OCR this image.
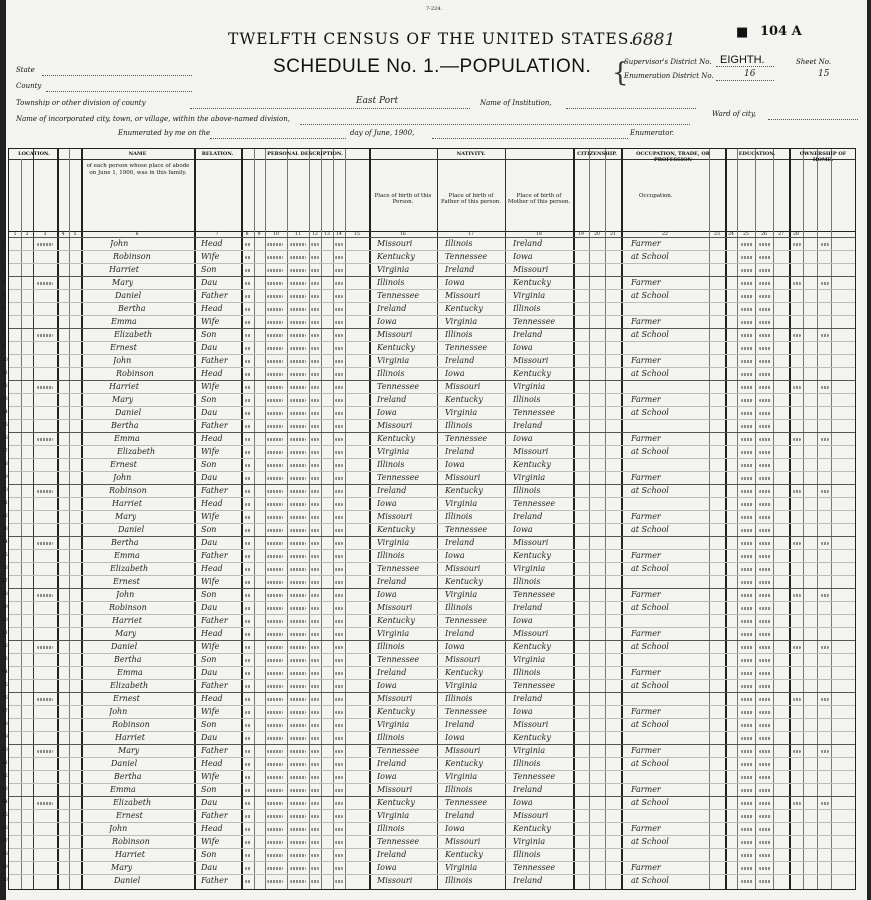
7-224.
TWELFTH CENSUS OF THE UNITED STATES.
6881	104 A
■
SCHEDULE No. 1.—POPULATION.
State
County
Township or other division of county	East Port	Name of Institution,
Name of incorporated city, town, or village, within the above-named division,
Ward of city,
Enumerated by me on the	day of June, 1900,	Enumerator.
{
Supervisor's District No. EIGHTH.
Enumeration District No.	16
Sheet No.
15
LOCATION.	NAME	RELATION.	PERSONAL DESCRIPTION.	NATIVITY.	CITIZENSHIP.	OCCUPATION, TRADE, OR PROFESSION
EDUCATION.	OWNERSHIP OF HOME.
of each person whose place of abode on June 1, 1900, was in this family.
Place of birth of this Person.
Place of birth of Father of this person.
Place of birth of Mother of this person.
Occupation.
1	2	3	4	5	6	7	8	9	10	11	12	13	14	15	16	17	18	19	20	21	22	23	24	25	26	27	28
1	John	Head	Missouri	Illinois	Ireland	Farmer
2	Robinson	Wife	Kentucky	Tennessee	Iowa	at School
3	Harriet	Son	Virginia	Ireland	Missouri
4	Mary	Dau	Illinois	Iowa	Kentucky	Farmer
5	Daniel	Father	Tennessee	Missouri	Virginia	at School
6	Bertha	Head	Ireland	Kentucky	Illinois
7	Emma	Wife	Iowa	Virginia	Tennessee	Farmer
8	Elizabeth	Son	Missouri	Illinois	Ireland	at School
9	Ernest	Dau	Kentucky	Tennessee	Iowa
10	John	Father	Virginia	Ireland	Missouri	Farmer
11	Robinson	Head	Illinois	Iowa	Kentucky	at School
12	Harriet	Wife	Tennessee	Missouri	Virginia
13	Mary	Son	Ireland	Kentucky	Illinois	Farmer
14	Daniel	Dau	Iowa	Virginia	Tennessee	at School
15	Bertha	Father	Missouri	Illinois	Ireland
16	Emma	Head	Kentucky	Tennessee	Iowa	Farmer
17	Elizabeth	Wife	Virginia	Ireland	Missouri	at School
18	Ernest	Son	Illinois	Iowa	Kentucky
19	John	Dau	Tennessee	Missouri	Virginia	Farmer
20	Robinson	Father	Ireland	Kentucky	Illinois	at School
21	Harriet	Head	Iowa	Virginia	Tennessee
22	Mary	Wife	Missouri	Illinois	Ireland	Farmer
23	Daniel	Son	Kentucky	Tennessee	Iowa	at School
24	Bertha	Dau	Virginia	Ireland	Missouri
25	Emma	Father	Illinois	Iowa	Kentucky	Farmer
26	Elizabeth	Head	Tennessee	Missouri	Virginia	at School
27	Ernest	Wife	Ireland	Kentucky	Illinois
28	John	Son	Iowa	Virginia	Tennessee	Farmer
29	Robinson	Dau	Missouri	Illinois	Ireland	at School
30	Harriet	Father	Kentucky	Tennessee	Iowa
31	Mary	Head	Virginia	Ireland	Missouri	Farmer
32	Daniel	Wife	Illinois	Iowa	Kentucky	at School
33	Bertha	Son	Tennessee	Missouri	Virginia
34	Emma	Dau	Ireland	Kentucky	Illinois	Farmer
35	Elizabeth	Father	Iowa	Virginia	Tennessee	at School
36	Ernest	Head	Missouri	Illinois	Ireland
37	John	Wife	Kentucky	Tennessee	Iowa	Farmer
38	Robinson	Son	Virginia	Ireland	Missouri	at School
39	Harriet	Dau	Illinois	Iowa	Kentucky
40	Mary	Father	Tennessee	Missouri	Virginia	Farmer
41	Daniel	Head	Ireland	Kentucky	Illinois	at School
42	Bertha	Wife	Iowa	Virginia	Tennessee
43	Emma	Son	Missouri	Illinois	Ireland	Farmer
44	Elizabeth	Dau	Kentucky	Tennessee	Iowa	at School
45	Ernest	Father	Virginia	Ireland	Missouri
46	John	Head	Illinois	Iowa	Kentucky	Farmer
47	Robinson	Wife	Tennessee	Missouri	Virginia	at School
48	Harriet	Son	Ireland	Kentucky	Illinois
49	Mary	Dau	Iowa	Virginia	Tennessee	Farmer
50	Daniel	Father	Missouri	Illinois	Ireland	at School
